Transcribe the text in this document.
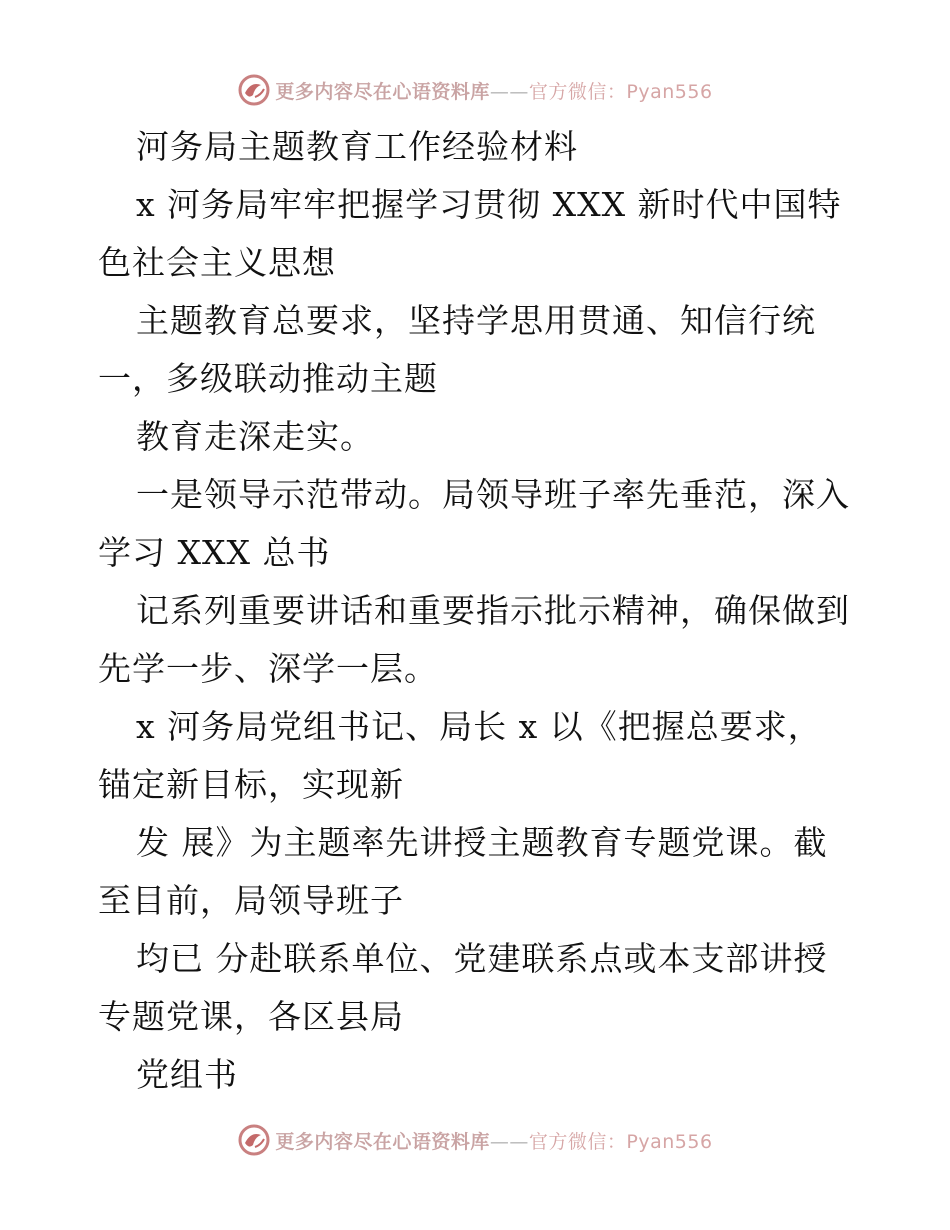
更多内容尽在心语资料库——官方微信：Pyan556
河务局主题教育工作经验材料
x 河务局牢牢把握学习贯彻 XXX 新时代中国特
色社会主义思想
主题教育总要求，坚持学思用贯通、知信行统
一，多级联动推动主题
教育走深走实。
一是领导示范带动。局领导班子率先垂范，深入
学习 XXX 总书
记系列重要讲话和重要指示批示精神，确保做到
先学一步、深学一层。
x 河务局党组书记、局长 x 以《把握总要求，
锚定新目标，实现新
发 展》为主题率先讲授主题教育专题党课。截
至目前，局领导班子
均已 分赴联系单位、党建联系点或本支部讲授
专题党课，各区县局
党组书
更多内容尽在心语资料库——官方微信：Pyan556
